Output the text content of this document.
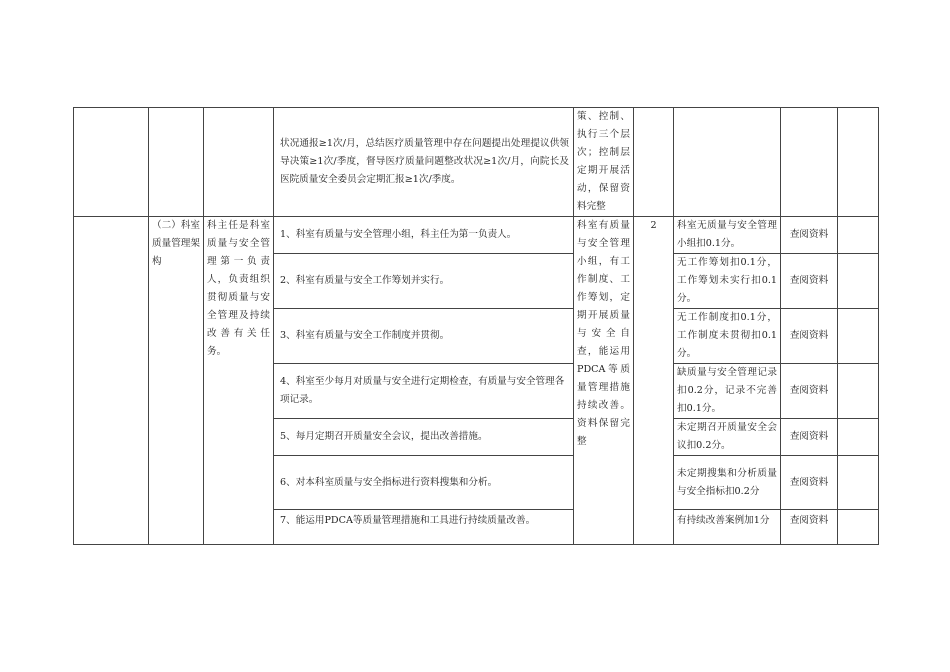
			状况通报≥1次/月，总结医疗质量管理中存在问题提出处理提议供领导决策≥1次/季度，督导医疗质量问题整改状况≥1次/月，向院长及医院质量安全委员会定期汇报≥1次/季度。	策、控制、执行三个层次；控制层定期开展活动，保留资料完整				
	（二）科室质量管理架构	科主任是科室质量与安全管理第一负责人，负责组织贯彻质量与安全管理及持续改善有关任务。	1、科室有质量与安全管理小组，科主任为第一负责人。	科室有质量与安全管理小组，有工作制度、工作筹划，定期开展质量与安全自查，能运用PDCA等质量管理措施持续改善。资料保留完整	2	科室无质量与安全管理小组扣0.1分。	查阅资料	
			2、科室有质量与安全工作筹划并实行。			无工作筹划扣0.1分，工作筹划未实行扣0.1分。	查阅资料	
			3、科室有质量与安全工作制度并贯彻。			无工作制度扣0.1分，工作制度未贯彻扣0.1分。	查阅资料	
			4、科室至少每月对质量与安全进行定期检查，有质量与安全管理各项记录。			缺质量与安全管理记录扣0.2分，记录不完善扣0.1分。	查阅资料	
			5、每月定期召开质量安全会议，提出改善措施。			未定期召开质量安全会议扣0.2分。	查阅资料	
			6、对本科室质量与安全指标进行资料搜集和分析。			未定期搜集和分析质量与安全指标扣0.2分	查阅资料	
			7、能运用PDCA等质量管理措施和工具进行持续质量改善。			有持续改善案例加1分	查阅资料	
